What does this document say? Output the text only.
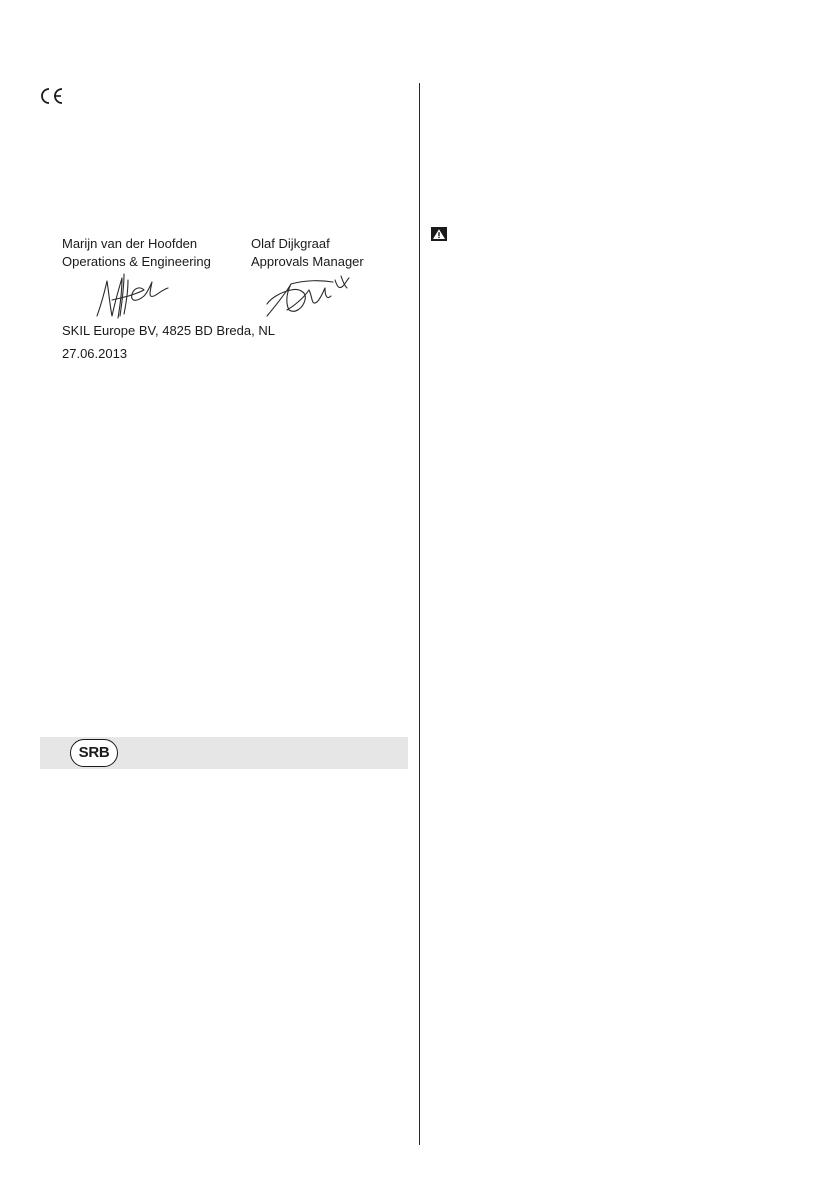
Marijn van der Hoofden
Operations & Engineering
Olaf Dijkgraaf
Approvals Manager
SKIL Europe BV, 4825 BD Breda, NL
27.06.2013
SRB
